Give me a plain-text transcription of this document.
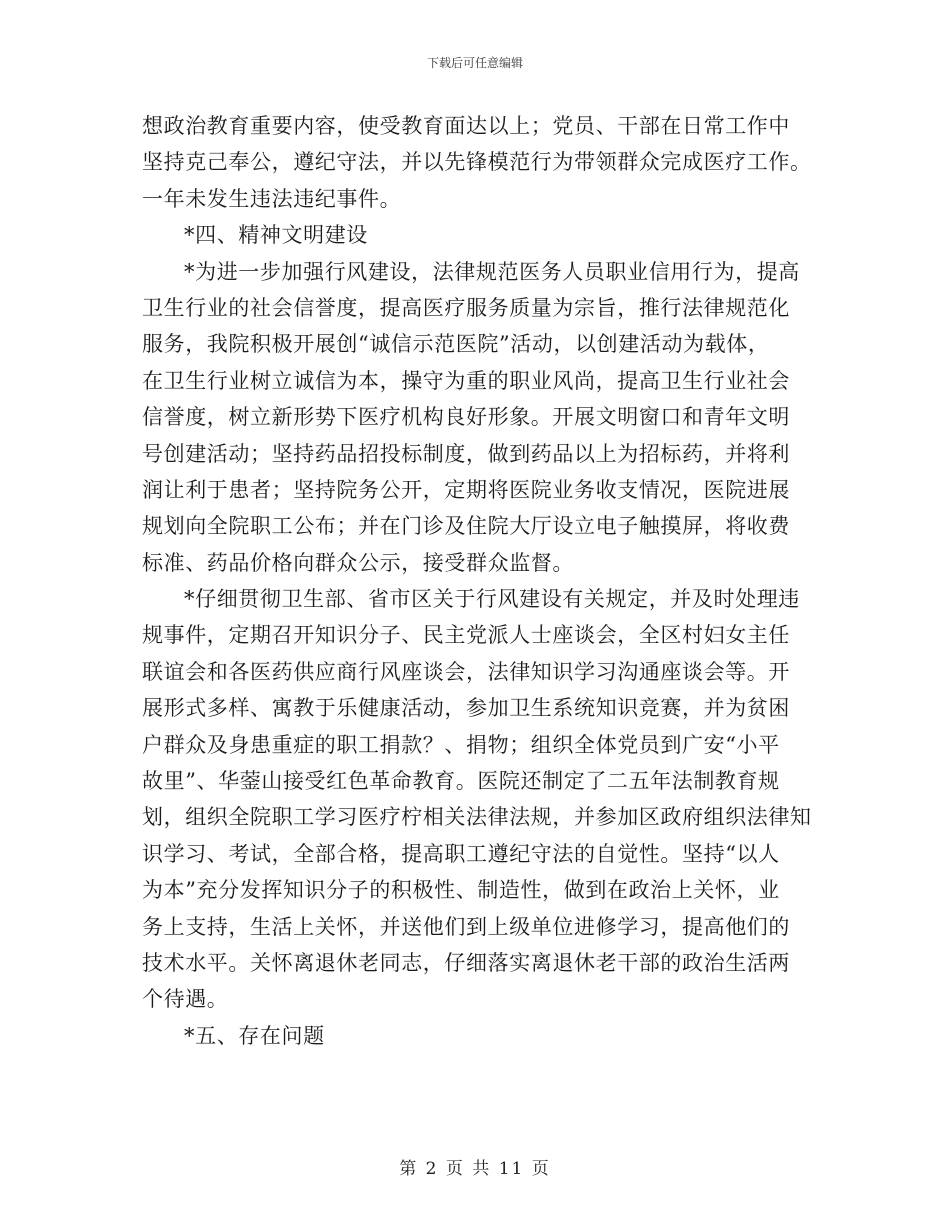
下载后可任意编辑
想政治教育重要内容，使受教育面达以上；党员、干部在日常工作中
坚持克己奉公，遵纪守法，并以先锋模范行为带领群众完成医疗工作。
一年未发生违法违纪事件。
*四、精神文明建设
*为进一步加强行风建设，法律规范医务人员职业信用行为，提高
卫生行业的社会信誉度，提高医疗服务质量为宗旨，推行法律规范化
服务，我院积极开展创“诚信示范医院”活动，以创建活动为载体，
在卫生行业树立诚信为本，操守为重的职业风尚，提高卫生行业社会
信誉度，树立新形势下医疗机构良好形象。开展文明窗口和青年文明
号创建活动；坚持药品招投标制度，做到药品以上为招标药，并将利
润让利于患者；坚持院务公开，定期将医院业务收支情况，医院进展
规划向全院职工公布；并在门诊及住院大厅设立电子触摸屏，将收费
标准、药品价格向群众公示，接受群众监督。
*仔细贯彻卫生部、省市区关于行风建设有关规定，并及时处理违
规事件，定期召开知识分子、民主党派人士座谈会，全区村妇女主任
联谊会和各医药供应商行风座谈会，法律知识学习沟通座谈会等。开
展形式多样、寓教于乐健康活动，参加卫生系统知识竞赛，并为贫困
户群众及身患重症的职工捐款？、捐物；组织全体党员到广安“小平
故里”、华蓥山接受红色革命教育。医院还制定了二五年法制教育规
划，组织全院职工学习医疗柠相关法律法规，并参加区政府组织法律知
识学习、考试，全部合格，提高职工遵纪守法的自觉性。坚持“以人
为本”充分发挥知识分子的积极性、制造性，做到在政治上关怀，业
务上支持，生活上关怀，并送他们到上级单位进修学习，提高他们的
技术水平。关怀离退休老同志，仔细落实离退休老干部的政治生活两
个待遇。
*五、存在问题
第 2 页 共 11 页
